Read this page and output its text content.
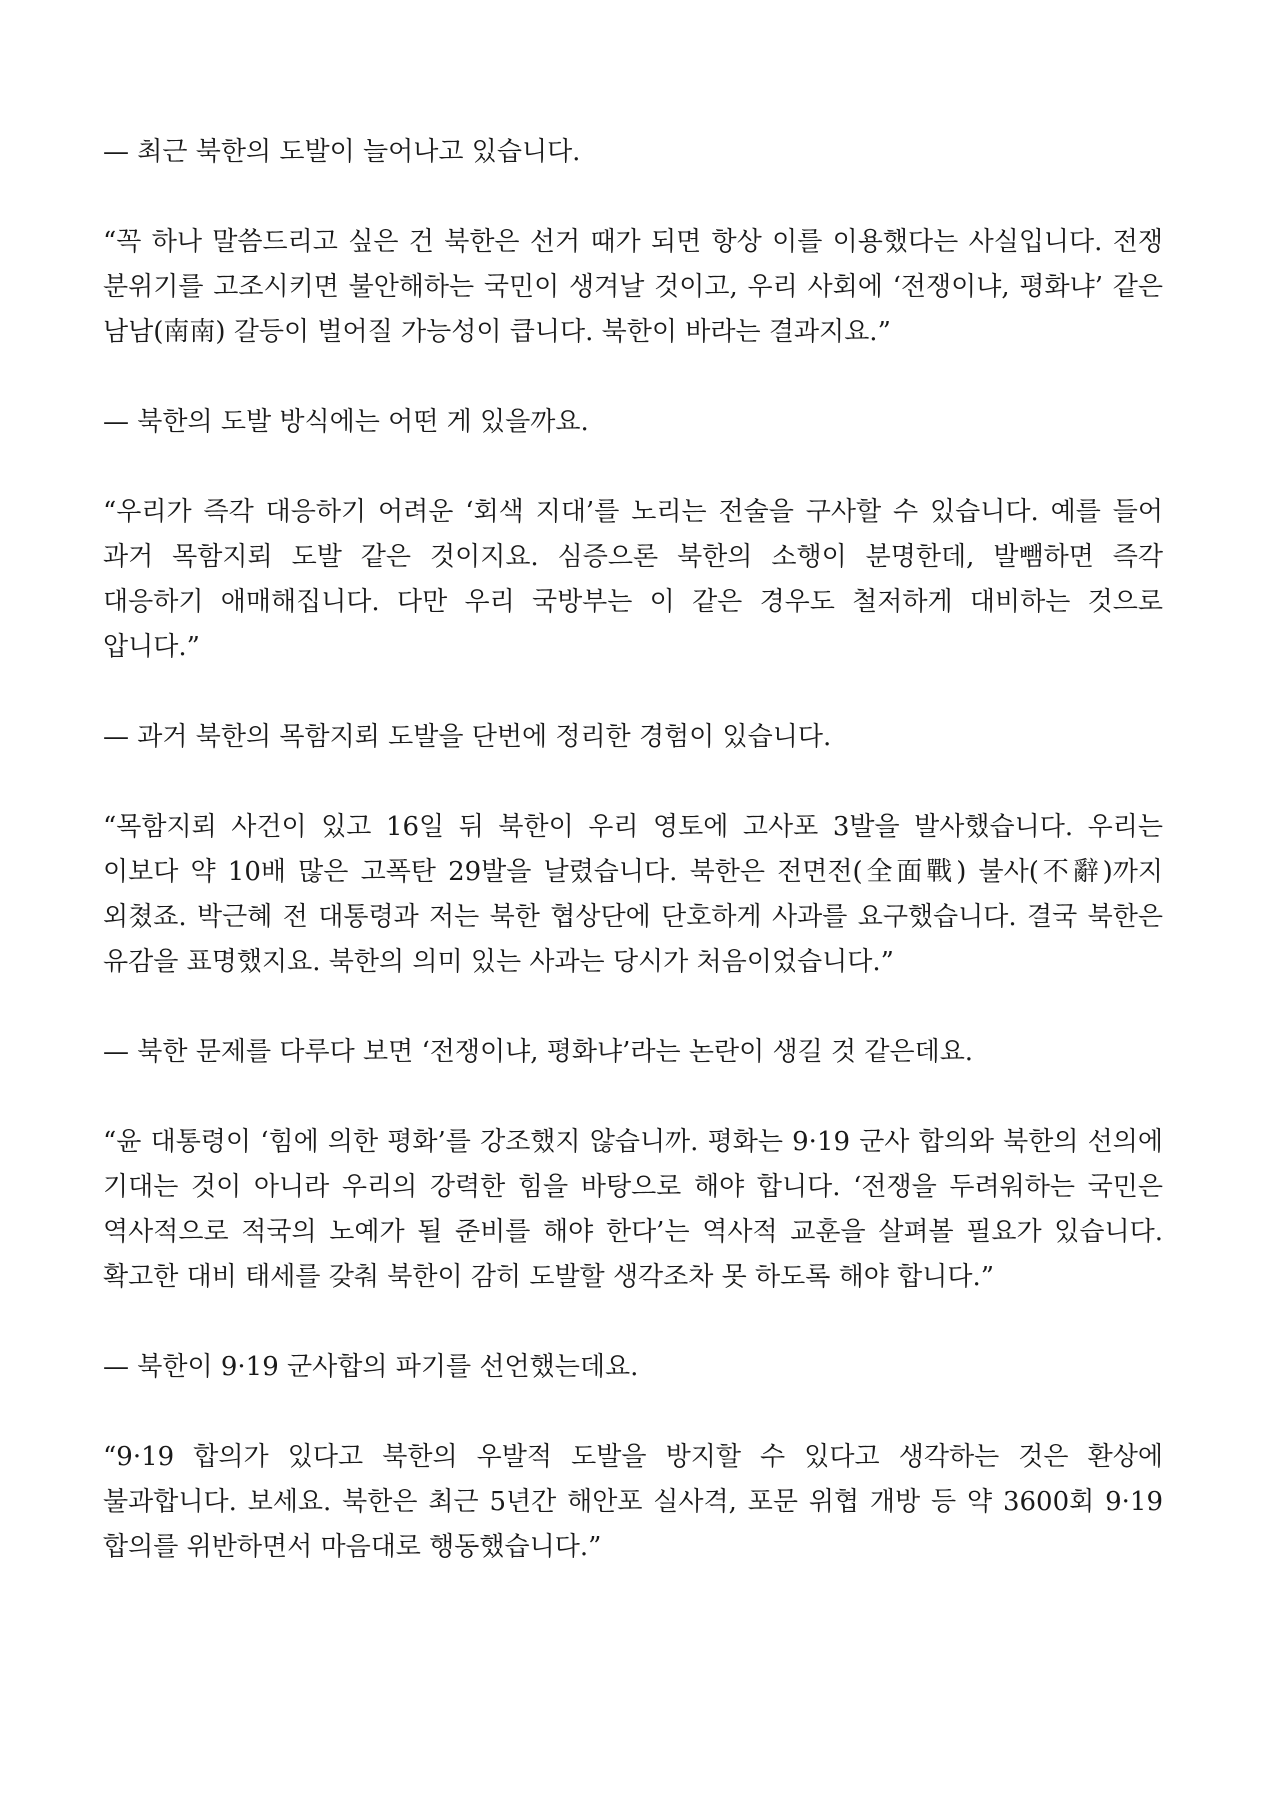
— 최근 북한의 도발이 늘어나고 있습니다.

“꼭 하나 말씀드리고 싶은 건 북한은 선거 때가 되면 항상 이를 이용했다는 사실입니다. 전쟁 분위기를 고조시키면 불안해하는 국민이 생겨날 것이고, 우리 사회에 ‘전쟁이냐, 평화냐’ 같은 남남(南南) 갈등이 벌어질 가능성이 큽니다. 북한이 바라는 결과지요.”

— 북한의 도발 방식에는 어떤 게 있을까요.

“우리가 즉각 대응하기 어려운 ‘회색 지대’를 노리는 전술을 구사할 수 있습니다. 예를 들어 과거 목함지뢰 도발 같은 것이지요. 심증으론 북한의 소행이 분명한데, 발뺌하면 즉각 대응하기 애매해집니다. 다만 우리 국방부는 이 같은 경우도 철저하게 대비하는 것으로 압니다.”

— 과거 북한의 목함지뢰 도발을 단번에 정리한 경험이 있습니다.

“목함지뢰 사건이 있고 16일 뒤 북한이 우리 영토에 고사포 3발을 발사했습니다. 우리는 이보다 약 10배 많은 고폭탄 29발을 날렸습니다. 북한은 전면전(全面戰) 불사(不辭)까지 외쳤죠. 박근혜 전 대통령과 저는 북한 협상단에 단호하게 사과를 요구했습니다. 결국 북한은 유감을 표명했지요. 북한의 의미 있는 사과는 당시가 처음이었습니다.”

— 북한 문제를 다루다 보면 ‘전쟁이냐, 평화냐’라는 논란이 생길 것 같은데요.

“윤 대통령이 ‘힘에 의한 평화’를 강조했지 않습니까. 평화는 9·19 군사 합의와 북한의 선의에 기대는 것이 아니라 우리의 강력한 힘을 바탕으로 해야 합니다. ‘전쟁을 두려워하는 국민은 역사적으로 적국의 노예가 될 준비를 해야 한다’는 역사적 교훈을 살펴볼 필요가 있습니다. 확고한 대비 태세를 갖춰 북한이 감히 도발할 생각조차 못 하도록 해야 합니다.”

— 북한이 9·19 군사합의 파기를 선언했는데요.

“9·19 합의가 있다고 북한의 우발적 도발을 방지할 수 있다고 생각하는 것은 환상에 불과합니다. 보세요. 북한은 최근 5년간 해안포 실사격, 포문 위협 개방 등 약 3600회 9·19 합의를 위반하면서 마음대로 행동했습니다.”
